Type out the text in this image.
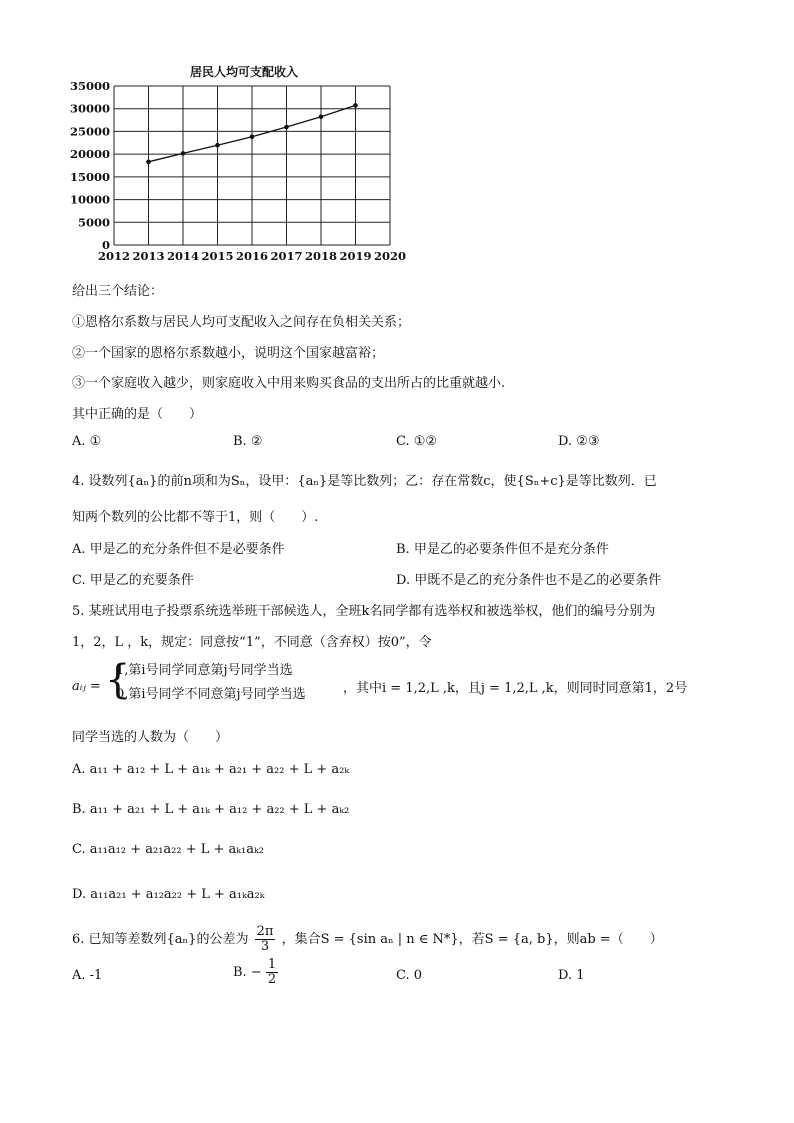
居民人均可支配收入
2012 2013 2014 2015 2016 2017 2018 2019 2020
0
5000
10000
15000
20000
25000
30000
35000
给出三个结论：
①恩格尔系数与居民人均可支配收入之间存在负相关关系；
②一个国家的恩格尔系数越小，说明这个国家越富裕；
③一个家庭收入越少，则家庭收入中用来购买食品的支出所占的比重就越小.
其中正确的是（　　）
A. ①	B. ②	C. ①②	D. ②③
4. 设数列{aₙ}的前n项和为Sₙ，设甲：{aₙ}是等比数列；乙：存在常数c，使{Sₙ+c}是等比数列．已
知两个数列的公比都不等于1，则（　　）.
A. 甲是乙的充分条件但不是必要条件	B. 甲是乙的必要条件但不是充分条件
C. 甲是乙的充要条件	D. 甲既不是乙的充分条件也不是乙的必要条件
5. 某班试用电子投票系统选举班干部候选人，全班k名同学都有选举权和被选举权，他们的编号分别为
1，2，L ，k，规定：同意按“1”，不同意（含弃权）按0”，令
aᵢⱼ = {
1,第i号同学同意第j号同学当选
0,第i号同学不同意第j号同学当选	，其中i = 1,2,L ,k，且j = 1,2,L ,k，则同时同意第1，2号
同学当选的人数为（　　）
A. a₁₁ + a₁₂ + L + a₁ₖ + a₂₁ + a₂₂ + L + a₂ₖ
B. a₁₁ + a₂₁ + L + a₁ₖ + a₁₂ + a₂₂ + L + aₖ₂
C. a₁₁a₁₂ + a₂₁a₂₂ + L + aₖ₁aₖ₂
D. a₁₁a₂₁ + a₁₂a₂₂ + L + a₁ₖa₂ₖ
6. 已知等差数列{aₙ}的公差为 $\frac{2\pi}{3}$ ，集合S = {sin aₙ | n ∈ N*}，若S = {a, b}，则ab =（　　）
A. -1	B. − $\frac{1}{2}$	C. 0	D. 1
